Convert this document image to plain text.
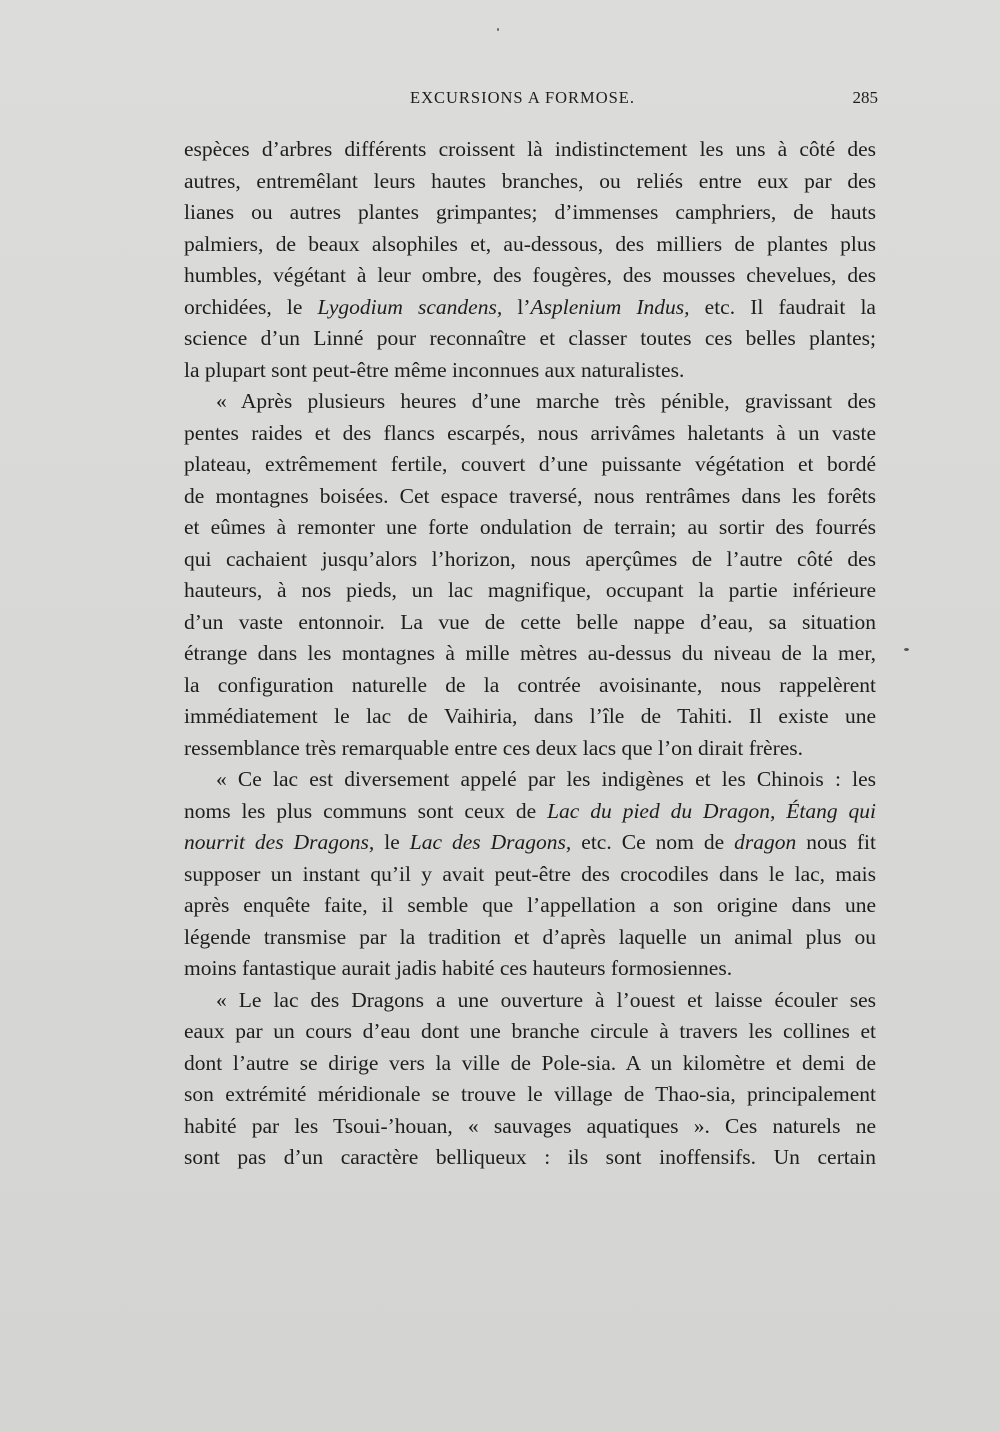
EXCURSIONS A FORMOSE.	285
espèces d’arbres différents croissent là indistinctement les uns à côté des
autres, entremêlant leurs hautes branches, ou reliés entre eux par des
lianes ou autres plantes grimpantes; d’immenses camphriers, de hauts
palmiers, de beaux alsophiles et, au-dessous, des milliers de plantes plus
humbles, végétant à leur ombre, des fougères, des mousses chevelues, des
orchidées, le Lygodium scandens, l’Asplenium Indus, etc. Il faudrait la
science d’un Linné pour reconnaître et classer toutes ces belles plantes;
la plupart sont peut-être même inconnues aux naturalistes.
« Après plusieurs heures d’une marche très pénible, gravissant des
pentes raides et des flancs escarpés, nous arrivâmes haletants à un vaste
plateau, extrêmement fertile, couvert d’une puissante végétation et bordé
de montagnes boisées. Cet espace traversé, nous rentrâmes dans les forêts
et eûmes à remonter une forte ondulation de terrain; au sortir des fourrés
qui cachaient jusqu’alors l’horizon, nous aperçûmes de l’autre côté des
hauteurs, à nos pieds, un lac magnifique, occupant la partie inférieure
d’un vaste entonnoir. La vue de cette belle nappe d’eau, sa situation
étrange dans les montagnes à mille mètres au-dessus du niveau de la mer,
la configuration naturelle de la contrée avoisinante, nous rappelèrent
immédiatement le lac de Vaihiria, dans l’île de Tahiti. Il existe une
ressemblance très remarquable entre ces deux lacs que l’on dirait frères.
« Ce lac est diversement appelé par les indigènes et les Chinois : les
noms les plus communs sont ceux de Lac du pied du Dragon, Étang qui
nourrit des Dragons, le Lac des Dragons, etc. Ce nom de dragon nous fit
supposer un instant qu’il y avait peut-être des crocodiles dans le lac, mais
après enquête faite, il semble que l’appellation a son origine dans une
légende transmise par la tradition et d’après laquelle un animal plus ou
moins fantastique aurait jadis habité ces hauteurs formosiennes.
« Le lac des Dragons a une ouverture à l’ouest et laisse écouler ses
eaux par un cours d’eau dont une branche circule à travers les collines et
dont l’autre se dirige vers la ville de Pole-sia. A un kilomètre et demi de
son extrémité méridionale se trouve le village de Thao-sia, principalement
habité par les Tsoui-’houan, « sauvages aquatiques ». Ces naturels ne
sont pas d’un caractère belliqueux : ils sont inoffensifs. Un certain
